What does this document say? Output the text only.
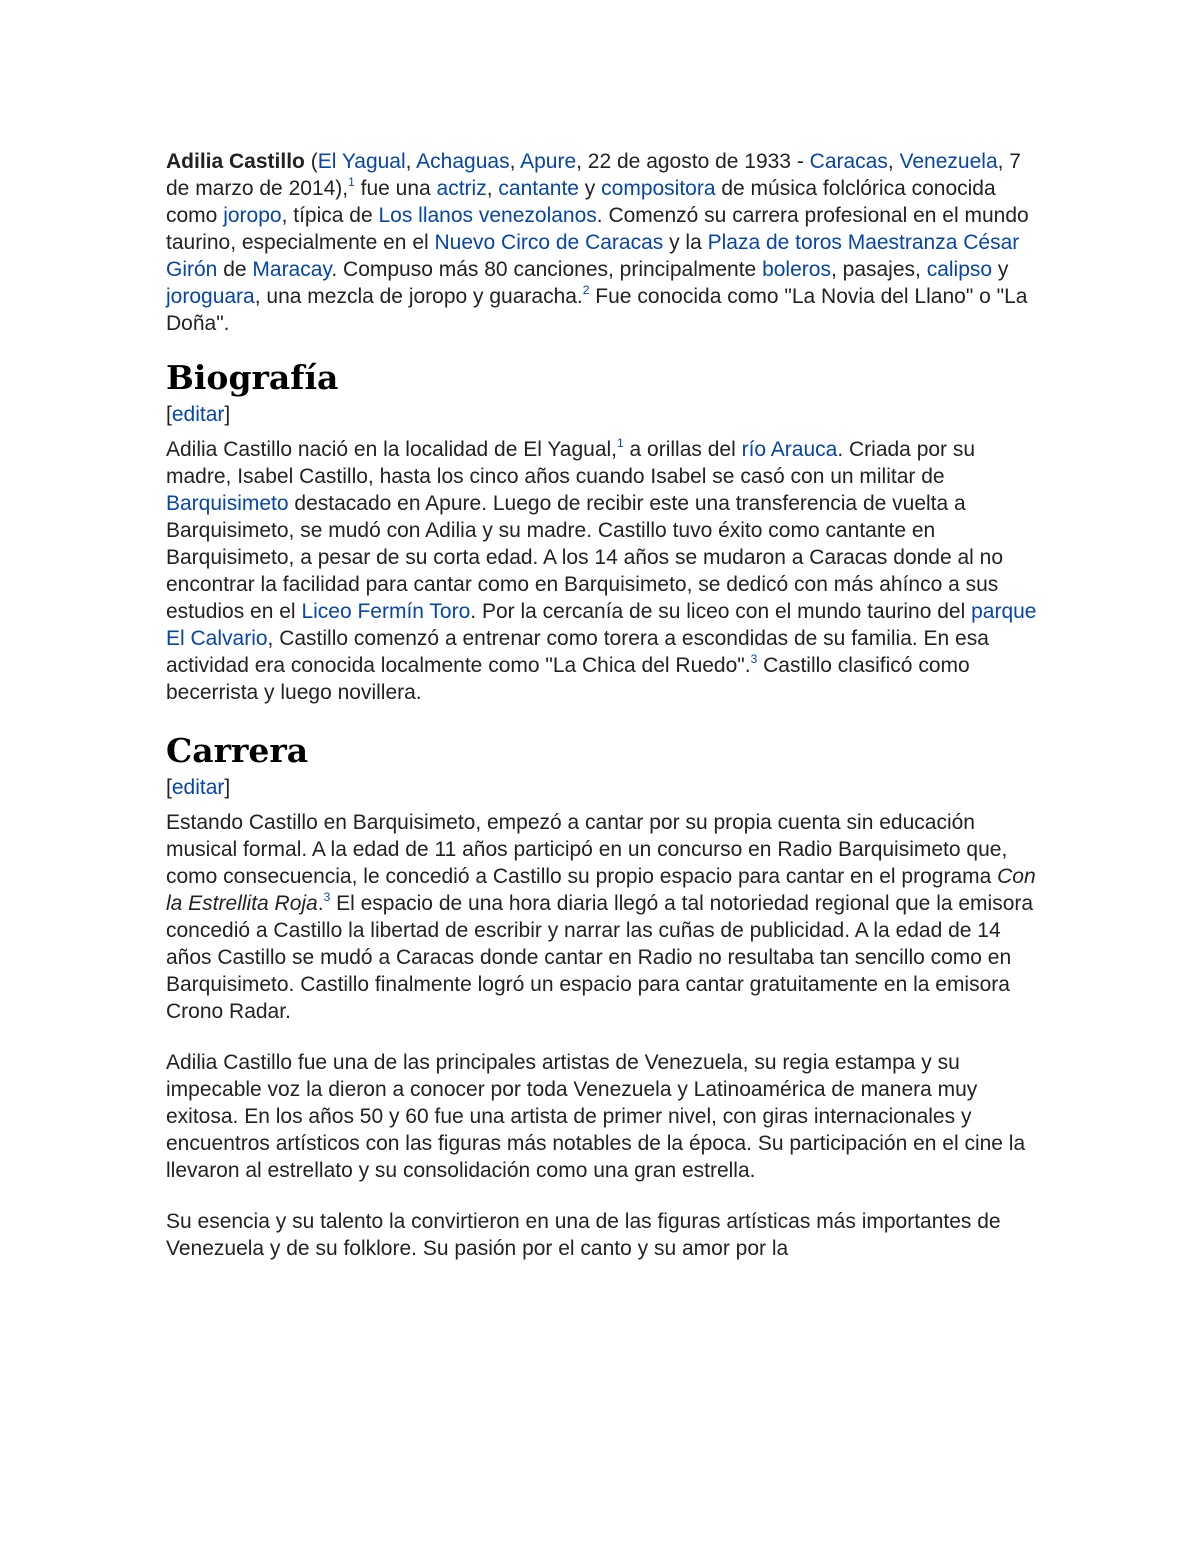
Adilia Castillo (El Yagual, Achaguas, Apure, 22 de agosto de 1933 - Caracas, Venezuela, 7 de marzo de 2014),$^1$ fue una actriz, cantante y compositora de música folclórica conocida como joropo, típica de Los llanos venezolanos. Comenzó su carrera profesional en el mundo taurino, especialmente en el Nuevo Circo de Caracas y la Plaza de toros Maestranza César Girón de Maracay. Compuso más 80 canciones, principalmente boleros, pasajes, calipso y joroguara, una mezcla de joropo y guaracha.$^2$ Fue conocida como "La Novia del Llano" o "La Doña".

Biografía
[editar]

Adilia Castillo nació en la localidad de El Yagual,$^1$ a orillas del río Arauca. Criada por su madre, Isabel Castillo, hasta los cinco años cuando Isabel se casó con un militar de Barquisimeto destacado en Apure. Luego de recibir este una transferencia de vuelta a Barquisimeto, se mudó con Adilia y su madre. Castillo tuvo éxito como cantante en Barquisimeto, a pesar de su corta edad. A los 14 años se mudaron a Caracas donde al no encontrar la facilidad para cantar como en Barquisimeto, se dedicó con más ahínco a sus estudios en el Liceo Fermín Toro. Por la cercanía de su liceo con el mundo taurino del parque El Calvario, Castillo comenzó a entrenar como torera a escondidas de su familia. En esa actividad era conocida localmente como "La Chica del Ruedo".$^3$ Castillo clasificó como becerrista y luego novillera.

Carrera
[editar]

Estando Castillo en Barquisimeto, empezó a cantar por su propia cuenta sin educación musical formal. A la edad de 11 años participó en un concurso en Radio Barquisimeto que, como consecuencia, le concedió a Castillo su propio espacio para cantar en el programa Con la Estrellita Roja.$^3$ El espacio de una hora diaria llegó a tal notoriedad regional que la emisora concedió a Castillo la libertad de escribir y narrar las cuñas de publicidad. A la edad de 14 años Castillo se mudó a Caracas donde cantar en Radio no resultaba tan sencillo como en Barquisimeto. Castillo finalmente logró un espacio para cantar gratuitamente en la emisora Crono Radar.

Adilia Castillo fue una de las principales artistas de Venezuela, su regia estampa y su impecable voz la dieron a conocer por toda Venezuela y Latinoamérica de manera muy exitosa. En los años 50 y 60 fue una artista de primer nivel, con giras internacionales y encuentros artísticos con las figuras más notables de la época. Su participación en el cine la llevaron al estrellato y su consolidación como una gran estrella.

Su esencia y su talento la convirtieron en una de las figuras artísticas más importantes de Venezuela y de su folklore. Su pasión por el canto y su amor por la
